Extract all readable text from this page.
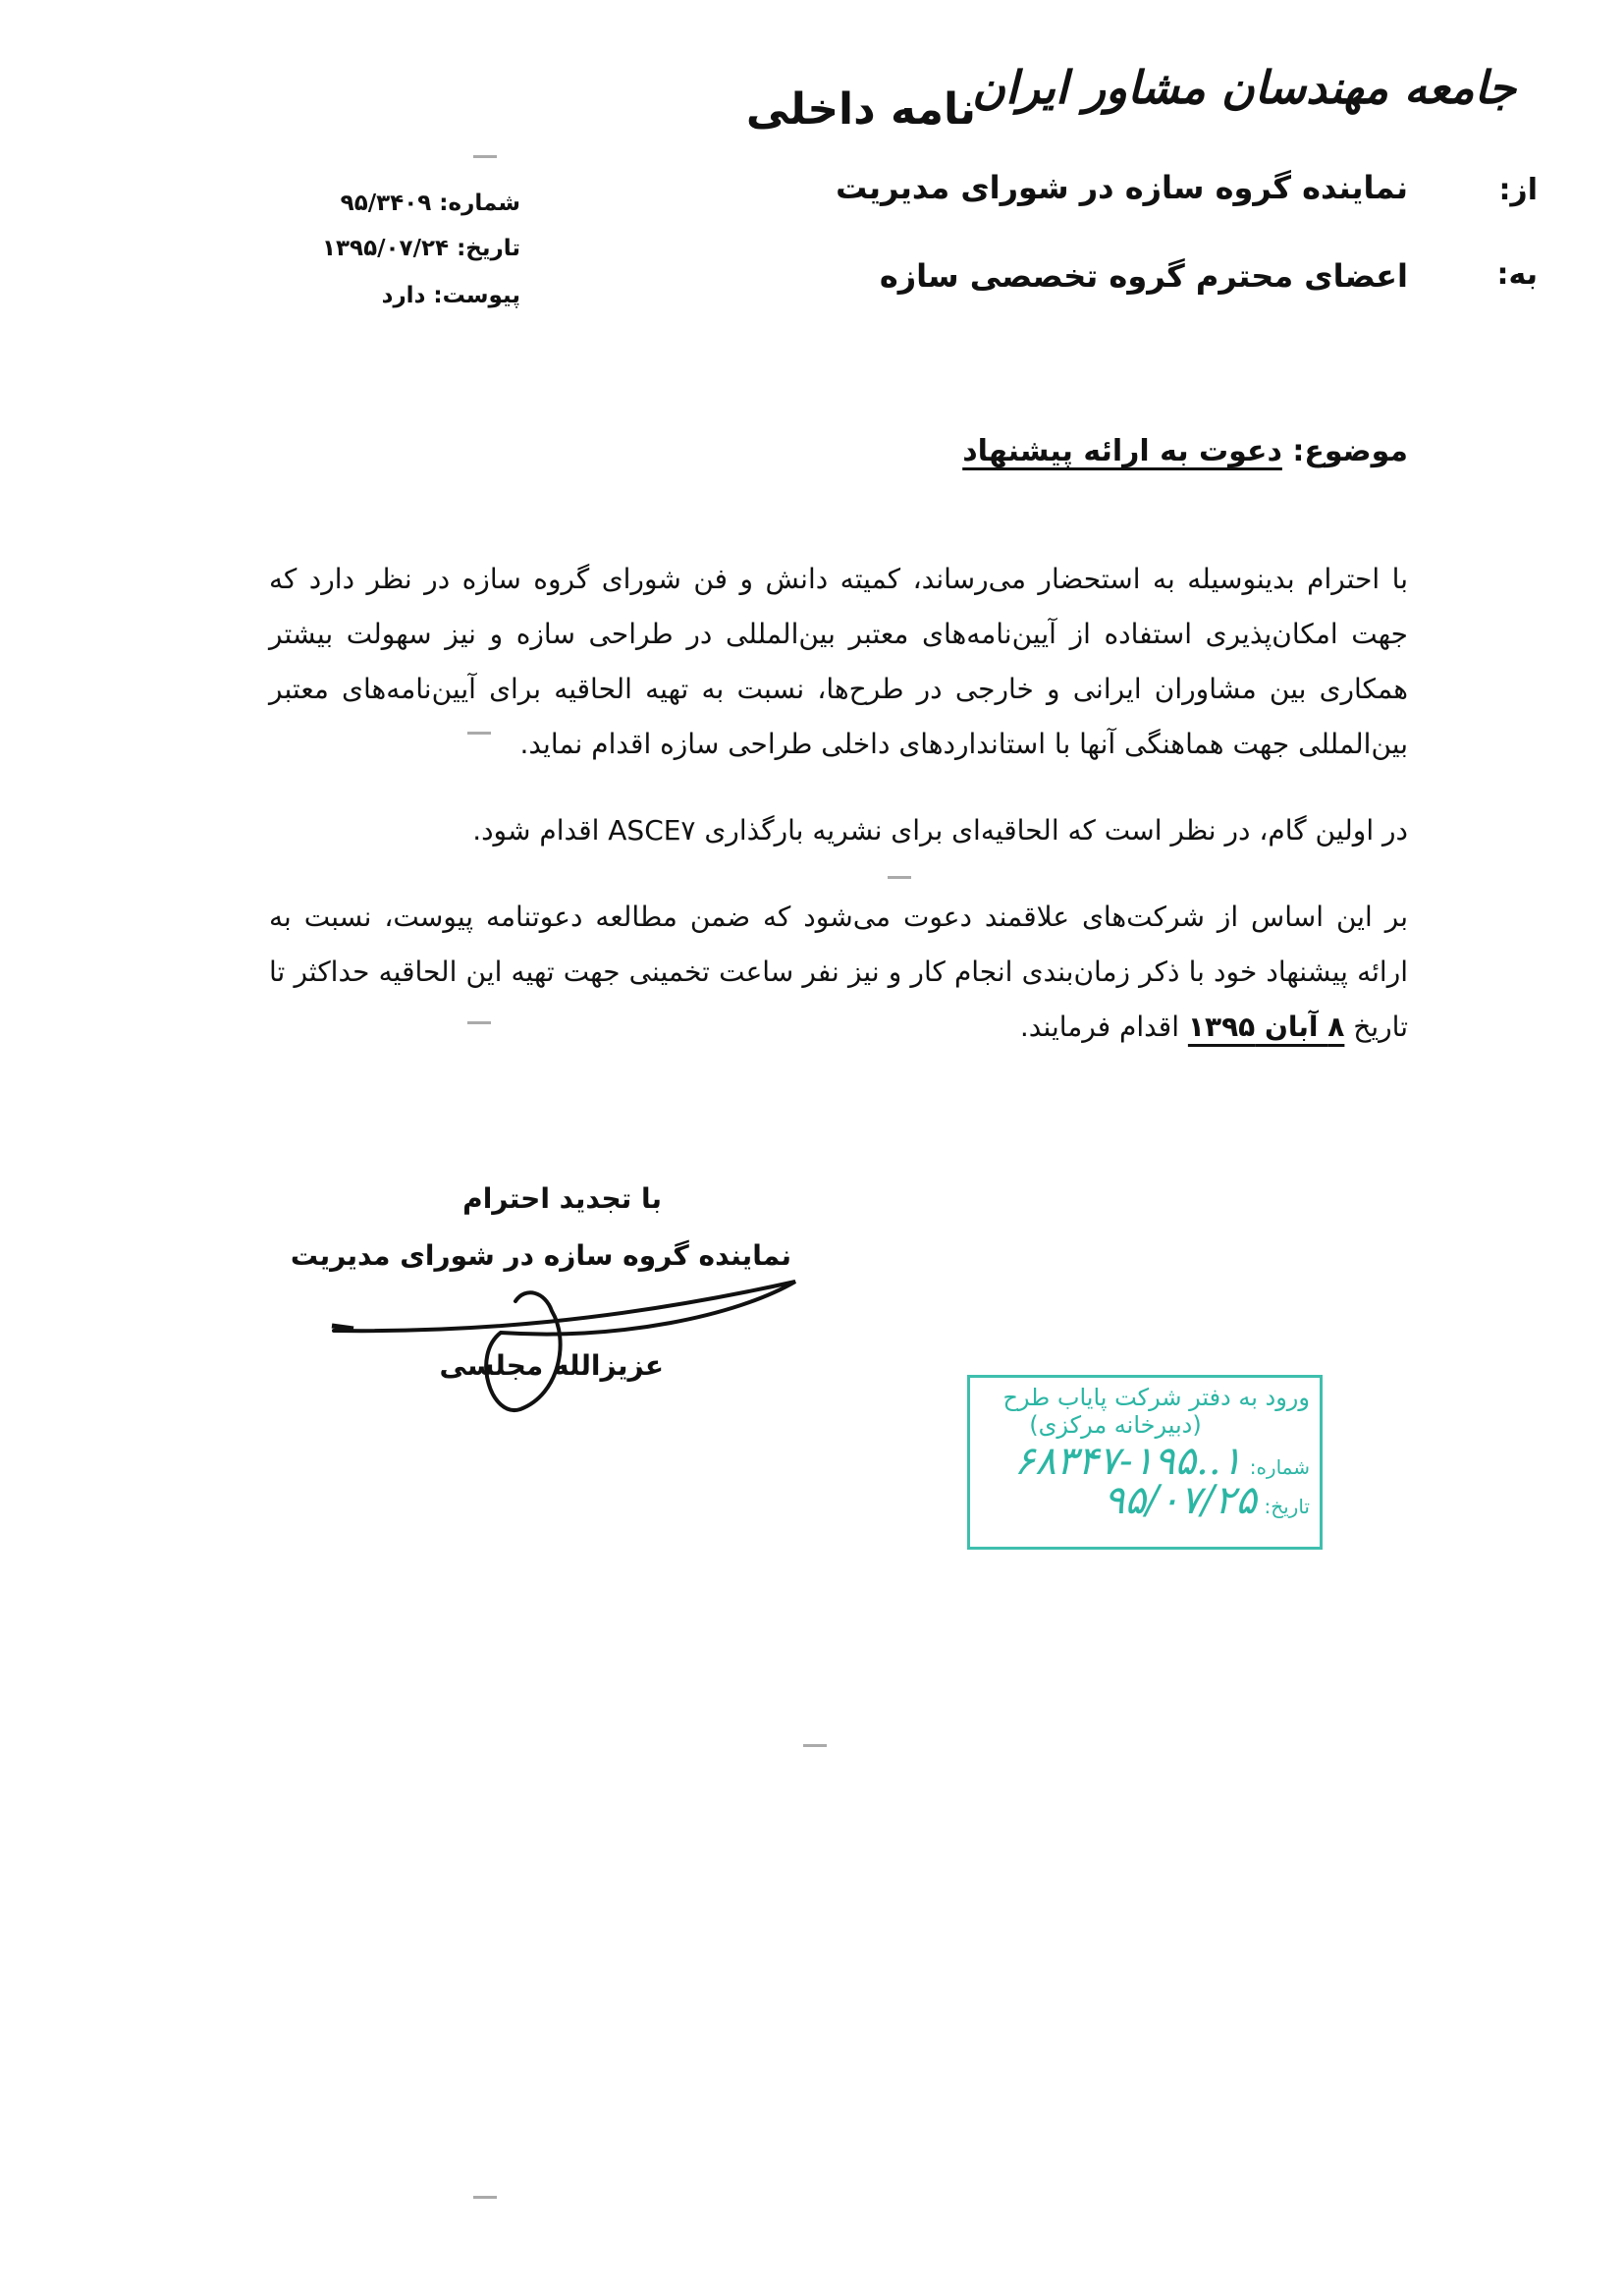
جامعه مهندسان مشاور ایران
نامه داخلی
از:
نماینده گروه سازه در شورای مدیریت
به:
اعضای محترم گروه تخصصی سازه
شماره: ۹۵/۳۴۰۹
تاریخ: ۱۳۹۵/۰۷/۲۴
پیوست: دارد
موضوع: دعوت به ارائه پیشنهاد
با احترام بدینوسیله به استحضار می‌رساند، کمیته دانش و فن شورای گروه سازه در نظر دارد که جهت امکان‌پذیری استفاده از آیین‌نامه‌های معتبر بین‌المللی در طراحی سازه و نیز سهولت بیشتر همکاری بین مشاوران ایرانی و خارجی در طرح‌ها، نسبت به تهیه الحاقیه برای آیین‌نامه‌های معتبر بین‌المللی جهت هماهنگی آنها با استانداردهای داخلی طراحی سازه اقدام نماید.
در اولین گام، در نظر است که الحاقیه‌ای برای نشریه بارگذاری ASCE۷ اقدام شود.
بر این اساس از شرکت‌های علاقمند دعوت می‌شود که ضمن مطالعه دعوتنامه پیوست، نسبت به ارائه پیشنهاد خود با ذکر زمان‌بندی انجام کار و نیز نفر ساعت تخمینی جهت تهیه این الحاقیه حداکثر تا تاریخ ۸ آبان ۱۳۹۵ اقدام فرمایند.
با تجدید احترام
نماینده گروه سازه در شورای مدیریت
عزیزالله مجلسی
ورود به دفتر شرکت پایاب طرح
(دبیرخانه مرکزی)
شماره: ۱..۱۹۵-۶۸۳۴۷
تاریخ: ۹۵/۰۷/۲۵
